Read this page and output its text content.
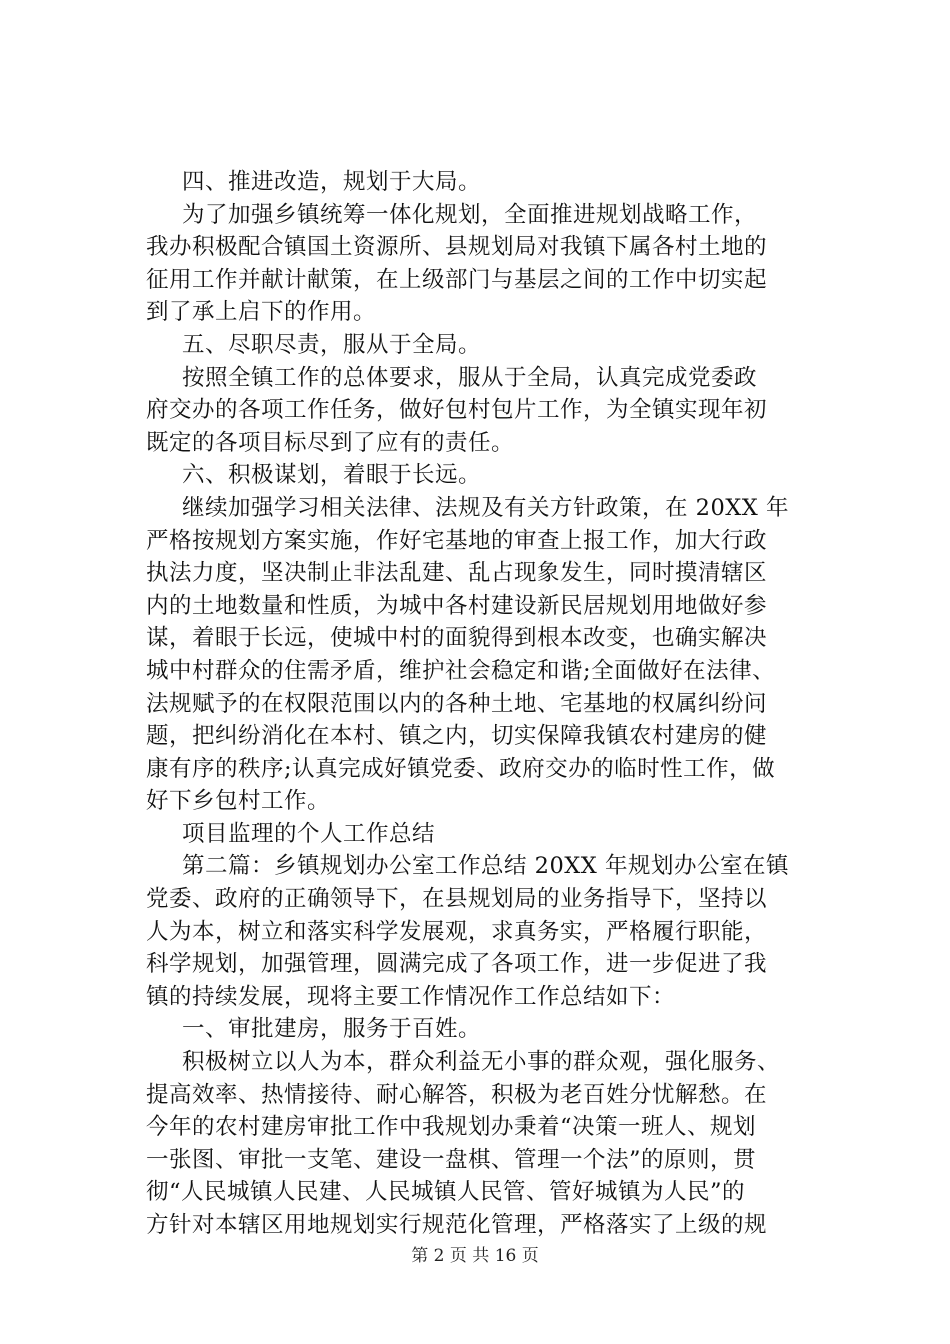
四、推进改造，规划于大局。
为了加强乡镇统筹一体化规划，全面推进规划战略工作，
我办积极配合镇国土资源所、县规划局对我镇下属各村土地的
征用工作并献计献策，在上级部门与基层之间的工作中切实起
到了承上启下的作用。
五、尽职尽责，服从于全局。
按照全镇工作的总体要求，服从于全局，认真完成党委政
府交办的各项工作任务，做好包村包片工作，为全镇实现年初
既定的各项目标尽到了应有的责任。
六、积极谋划，着眼于长远。
继续加强学习相关法律、法规及有关方针政策，在 20XX 年
严格按规划方案实施，作好宅基地的审查上报工作，加大行政
执法力度，坚决制止非法乱建、乱占现象发生，同时摸清辖区
内的土地数量和性质，为城中各村建设新民居规划用地做好参
谋，着眼于长远，使城中村的面貌得到根本改变，也确实解决
城中村群众的住需矛盾，维护社会稳定和谐;全面做好在法律、
法规赋予的在权限范围以内的各种土地、宅基地的权属纠纷问
题，把纠纷消化在本村、镇之内，切实保障我镇农村建房的健
康有序的秩序;认真完成好镇党委、政府交办的临时性工作，做
好下乡包村工作。
项目监理的个人工作总结
第二篇：乡镇规划办公室工作总结 20XX 年规划办公室在镇
党委、政府的正确领导下，在县规划局的业务指导下，坚持以
人为本，树立和落实科学发展观，求真务实，严格履行职能，
科学规划，加强管理，圆满完成了各项工作，进一步促进了我
镇的持续发展，现将主要工作情况作工作总结如下：
一、审批建房，服务于百姓。
积极树立以人为本，群众利益无小事的群众观，强化服务、
提高效率、热情接待、耐心解答，积极为老百姓分忧解愁。在
今年的农村建房审批工作中我规划办秉着“决策一班人、规划
一张图、审批一支笔、建设一盘棋、管理一个法”的原则，贯
彻“人民城镇人民建、人民城镇人民管、管好城镇为人民”的
方针对本辖区用地规划实行规范化管理，严格落实了上级的规
第 2 页 共 16 页
